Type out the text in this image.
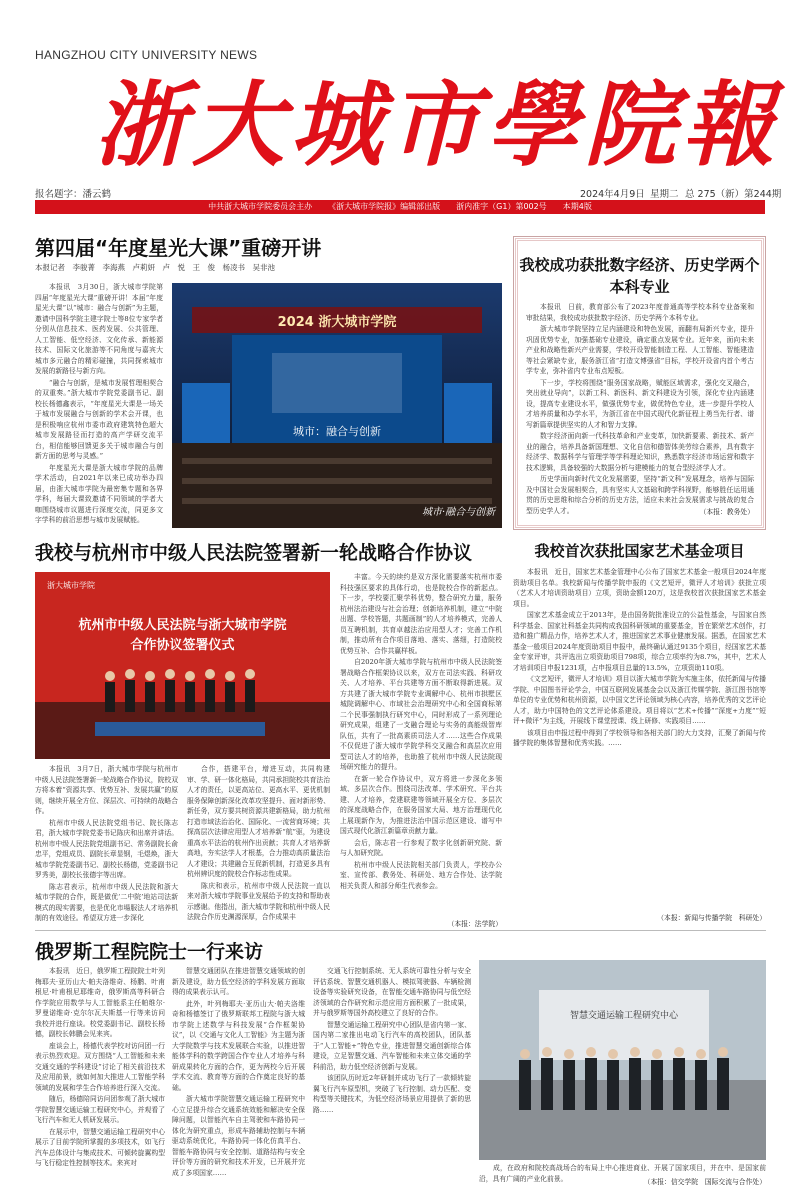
HANGZHOU CITY UNIVERSITY NEWS
浙大城市學院報
报名题字：潘云鹤	2024年4月9日 星期二 总 275（新）第244期
中共浙大城市学院委员会主办 《浙大城市学院报》编辑部出版 浙内准字（G1）第002号 本期4版
第四届“年度星光大课”重磅开讲
本报记者　李骏菁　李海燕　卢莉妍　卢　悦　王　俊　杨凌书　吴非池

本报讯　3月30日，浙大城市学院第四届“年度星光大课”重磅开讲！本届“年度星光大课”以“城市：融合与创新”为主题，邀请中国科学院主建字院士等8位专家学者分别从信息技术、医药发展、公共管理、人工智能、低空经济、文化传承、新能源技术、国际文化旅游等不同角度与嘉宾大城市多元融合的精彩碰撞，共同探索城市发展的新路径与新方向。

“融合与创新，是城市发展哲理相契合的双重奏。”浙大城市学院党委副书记、副校长杨德鑫表示，“年度星光大课是一场关于城市发展融合与创新的学术会开课，也是积极响应杭州市委市政府建筑特色超大城市发展路径而打造的高产学研交流平台，相信能够回馈更多关于城市融合与创新方面的思考与灵感。”

年度星光大课是浙大城市学院的品牌学术活动，自2021年以来已成功举办四届，由浙大城市学院为最密集专题和各界学科，每届大课致邀请不同领域的学者大咖围绕城市议题进行深度交流，同更多文字学科的前沿思想与城市发展赋能。

2024 浙大城市学院
城市：融合与创新
城市·融合与创新
我校与杭州市中级人民法院签署新一轮战略合作协议
浙大城市学院
杭州市中级人民法院与浙大城市学院
合作协议签署仪式

本报讯　3月7日，浙大城市学院与杭州市中级人民法院签署新一轮战略合作协议，院校双方将本着“资源共享、优势互补、发展共赢”的原则，继续开展全方位、深层次、可持续的战略合作。

杭州市中级人民法院党组书记、院长陈志君，浙大城市学院党委书记陈庆和出席并讲话。杭州市中级人民法院党组副书记、常务副院长俞忠平，党组成员、副院长章显钢，毛煜焕，浙大城市学院党委副书记、副校长杨德，党委副书记罗秀美，副校长张德宇等出席。

陈志君表示，杭州市中级人民法院和浙大城市学院的合作，既是做优‘二中院’地站司法新模式的现实需要，也是优化市場服法人才培养机制的有效途径。希望双方进一步深化

合作，搭建平台，增进互动，共同构建审、学、研一体化格局，共同承担院校共育法治人才的责任，以更高站位、更高水平、更优机制服务保障创新深化改革攻坚提升、面对新形势、新任务，双方要共树资源共建新格局，助力杭州打造市域法治治化、国际化、一流营商环境；共探高层次法律应用型人才培养新“航”驱，为建设重高水平法治的杭州作出贡献；共育人才培养新高地，夯实法学人才根基，合力推动高质量法治人才建设；共建融合互促新机制，打造更多具有杭州辨识度的院校合作标志性成果。

陈庆和表示，杭州市中级人民法院一直以来对浙大城市学院事业发展给予的支持和帮助表示感谢。他指出，浙大城市学院和杭州中级人民法院合作历史渊源深厚，合作成果丰

丰富。今天的续约是双方深化需要落实杭州市委科技强区要求的具体行动，也是院校合作的新起点。下一步，学校要汇聚学科优势，整合研究力量，服务杭州法治建设与社会治理；创新培养机制，建立“中院出题、学校答题，共题画制”的人才培养模式，完善人员互聘机制，共育卓越法治应用型人才；完善工作机制，推动所有合作项目落地、落实、落细，打造院校优势互补、合作共赢样板。

自2020年浙大城市学院与杭州市中级人民法院签署战略合作框架协议以来，双方在司法实践、科研攻关、人才培养、平台共建等方面不断取得新进展。双方共建了浙大城市学院专业调解中心、杭州市拱墅区城院调解中心、市域社会治理研究中心和全国商标第二个民事强制执行研究中心，同时形成了一系列理论研究成果，组建了一支融合理论与实务的高能级智库队伍，共有了一批高素质司法人才……这些合作成果不仅促进了浙大城市学院学科交叉融合和高层次应用型司法人才的培养，也助推了杭州市中级人民法院现场研究能力的提升。

在新一轮合作协议中，双方将进一步深化多领域、多层次合作。围绕司法改革、学术研究、平台共建、人才培养，党建联建等领域开展全方位、多层次的深度战略合作，在服务国家大局、地方治理现代化上展现新作为，为推进法治中国示范区建设、谱写中国式现代化浙江新篇章贡献力量。

会后，陈志君一行参观了数字化创新研究院、新与人加研究院。

杭州市中级人民法院相关部门负责人，学校办公室、宣传部、教务处、科研处、地方合作处、法学院相关负责人和部分师生代表参会。

（本报：法学院）
我校成功获批数字经济、历史学两个本科专业

本报讯　日前，教育部公布了2023年度普通高等学校本科专业备案和审批结果，我校成功获批数字经济、历史学两个本科专业。

浙大城市学院坚持立足内涵建设和特色发展，面翻有局新兴专业，提升巩固优势专业，加强基础专业建设，确定重点发展专业。近年来，面向未来产业和战略性新兴产业需要，学校开设智能制造工程、人工智能、智能建造等社会紧缺专业，服务浙江省“打造文博强省”目标，学校开设省内首个考古学专业，弥补省内专业布点短板。

下一步，学校将围绕“服务国家战略，赋能区域需求，强化交叉融合，突出就业导向”，以新工科、新医科、新文科建设为引领，深化专业内涵建设，提高专业建设水平，做强优势专业，做优特色专业，进一步提升学校人才培养质量和办学水平，为浙江省在中国式现代化新征程上勇当先行者、谱写新篇章提供坚实的人才和智力支撑。

数字经济面向新一代科技革命和产业变革，加快新要素、新技术、新产业的融合，培养具备新国理想、文化自信和德智体美劳综合素养，具有数字经济学、数据科学与管理学等学科理论知识，熟悉数字经济市场运营和数字技术逻辑，具备较强的大数据分析与建模能力的复合型经济学人才。

历史学面向新时代文化发展需要，坚持“新文科”发展理念，培养与国际及中国社会发展相契合，具有坚实人文基础和跨学科视野，能够胜任运用通贯的历史思维和综合分析的历史方法，适应未来社会发展需求与挑战的复合型历史学人才。	（本报：教务处）
我校首次获批国家艺术基金项目

本报讯　近日，国家艺术基金管理中心公布了国家艺术基金一般项目2024年度资助项目名单。我校新闻与传播学院申报的《文艺短评，微评人才培训》获批立项（艺术人才培训资助项目）立项，资助金额120万，这是我校首次获批国家艺术基金项目。

国家艺术基金成立于2013年，是由国务院批准设立的公益性基金，与国家自然科学基金、国家社科基金共同构成我国科研领域的重要基金，旨在繁荣艺术创作，打造和推广精品力作，培养艺术人才，推进国家艺术事业健康发展。据悉，在国家艺术基金一般项目2024年度资助项目申报中，最终确认通过9135个项目，经国家艺术基金专家评审，共评选出立项资助项目798项，综合立项率约为8.7%，其中，艺术人才培训项目申报1231项，占申报项目总量的13.5%，立项资助110项。

《文艺短评，微评人才培训》项目以浙大城市学院为实施主体，依托新闻与传播学院、中国图书评论学会，中国互联网发展基金会以及浙江传媒学院、浙江图书馆等单位的专业优势和杭州资源，以中国文艺评论领域为核心内容，培养优秀的文艺评论人才，助力中国特色的文艺评论体系建设。项目将以“艺术+传播”“深度+力度”“短评+微评”为主线，开展线下课堂授课、线上研修、实践项目……

该项目由申报过程中得到了学校领导和各相关部门的大力支持，汇聚了新闻与传播学院的集体智慧和优秀实践。……

（本报：新闻与传播学院　科研处）
俄罗斯工程院院士一行来访

本报讯　近日，俄罗斯工程院院士叶列梅耶夫·亚历山大·帕夫洛维奇、杨鹏、叶甫根尼·叶甫根尼耶维奇，俄罗斯高等科研合作学院应用数学与人工智能系主任帕维尔·罗曼诺维奇·克尔尔瓦夫斯基一行等来访问我校并进行座谈。校党委副书记、副校长杨德，副校长韩鹏会见来宾。

座谈会上，杨德代表学校对访问团一行表示热烈欢迎。双方围绕“人工智能和未来交通交通的学科建设”讨论了相关前沿技术及应用前景，就如何加大推进人工智能学科领域的发展和学生合作培养进行深入交流。

随后，杨德陪同访问团参观了浙大城市学院智慧交通运输工程研究中心，并观看了飞行汽车和无人机研发展示。

在展示中，智慧交通运输工程研究中心展示了目前学院所掌握的多项技术，如飞行汽车总体设计与集成技术、可倾转旋翼构型与飞行稳定性控制等技术。来宾对

智慧交通团队在推进智慧交通领域的创新及建设，助力低空经济的学科发展方面取得的成果表示认可。

此外，叶列梅耶夫·亚历山大·帕夫洛维奇和杨德签订了俄罗斯联邦工程院与浙大城市学院上述数学与科技发展“合作框架协议”，以《交通与文化人工智能》为主题为浙大学院数学与技术发展联合实验，以推进智能体学科的数学跨国合作专业人才培养与科研成果转化方面的合作，更为两校今后开展学术交流、教育等方面的合作奠定良好的基础。

浙大城市学院智慧交通运输工程研究中心立足提升综合交通系统效能和解决安全保障问题，以智能汽车自主驾驶和车路协同一体化为研究重点，形成车路辅助控制与车辆驱动系统优化，车路协同一体化仿真平台、智能车路协同与安全控制、道路结构与安全评价等方面的研究和技术开发，已开展并完成了多项国家……

交通飞行控制系统、无人系统可靠性分析与安全评估系统、智慧交通机器人、模拟驾驶器、车辆检测设备等实验研究设备，在智能交通车路协同与低空经济领域的合作研究和示范应用方面积累了一批成果，并与俄罗斯等国外高校建立了良好的合作。

智慧交通运输工程研究中心团队是省内第一家、国内第二家推出电动飞行汽车的高校团队，团队基于“人工智能+”特色专业，推进智慧交通创新综合体建设，立足智慧交通、汽车智能和未来立体交通的学科前沿，助力低空经济创新与发展。

该团队历时近2年研制并成功飞行了一款倾转旋翼飞行汽车原型机，突破了飞行控制、动力匹配、变构型等关键技术，为低空经济场景应用提供了新的思路……

智慧交通运输工程研究中心

成，在政府和院校高战场合的布局上中心推进商业、开展了国家项目，并在中、是国家前沿，具有广阔的产业化前景。	（本报：信交学院　国际交流与合作处）
